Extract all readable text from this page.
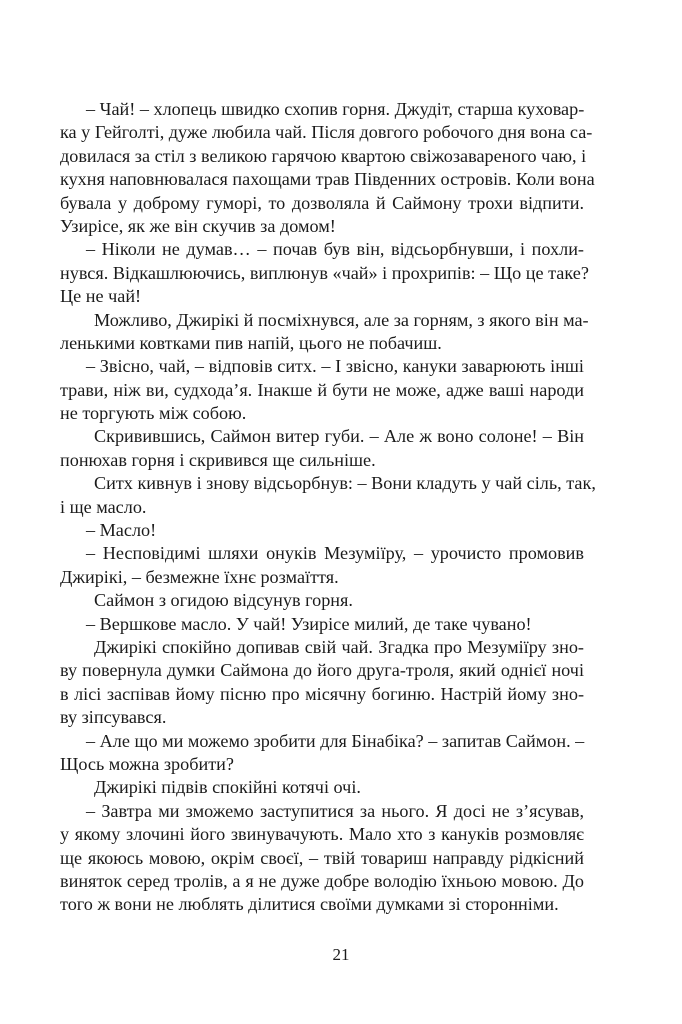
– Чай! – хлопець швидко схопив горня. Джудіт, старша куховар-
ка у Гейголті, дуже любила чай. Після довгого робочого дня вона са-
довилася за стіл з великою гарячою квартою свіжозавареного чаю, і
кухня наповнювалася пахощами трав Південних островів. Коли вона
бувала у доброму гуморі, то дозволяла й Саймону трохи відпити.
Узирісе, як же він скучив за домом!
– Ніколи не думав… – почав був він, відсьорбнувши, і похли-
нувся. Відкашлюючись, виплюнув «чай» і прохрипів: – Що це таке?
Це не чай!
Можливо, Джирікі й посміхнувся, але за горням, з якого він ма-
ленькими ковтками пив напій, цього не побачиш.
– Звісно, чай, – відповів ситх. – І звісно, кануки заварюють інші
трави, ніж ви, судхода’я. Інакше й бути не може, адже ваші народи
не торгують між собою.
Скривившись, Саймон витер губи. – Але ж воно солоне! – Він
понюхав горня і скривився ще сильніше.
Ситх кивнув і знову відсьорбнув: – Вони кладуть у чай сіль, так,
і ще масло.
– Масло!
– Несповідимі шляхи онуків Мезуміїру, – урочисто промовив
Джирікі, – безмежне їхнє розмаїття.
Саймон з огидою відсунув горня.
– Вершкове масло. У чай! Узирісе милий, де таке чувано!
Джирікі спокійно допивав свій чай. Згадка про Мезуміїру зно-
ву повернула думки Саймона до його друга-троля, який однієї ночі
в лісі заспівав йому пісню про місячну богиню. Настрій йому зно-
ву зіпсувався.
– Але що ми можемо зробити для Бінабіка? – запитав Саймон. –
Щось можна зробити?
Джирікі підвів спокійні котячі очі.
– Завтра ми зможемо заступитися за нього. Я досі не з’ясував,
у якому злочині його звинувачують. Мало хто з кануків розмовляє
ще якоюсь мовою, окрім своєї, – твій товариш направду рідкісний
виняток серед тролів, а я не дуже добре володію їхньою мовою. До
того ж вони не люблять ділитися своїми думками зі сторонніми.
21
